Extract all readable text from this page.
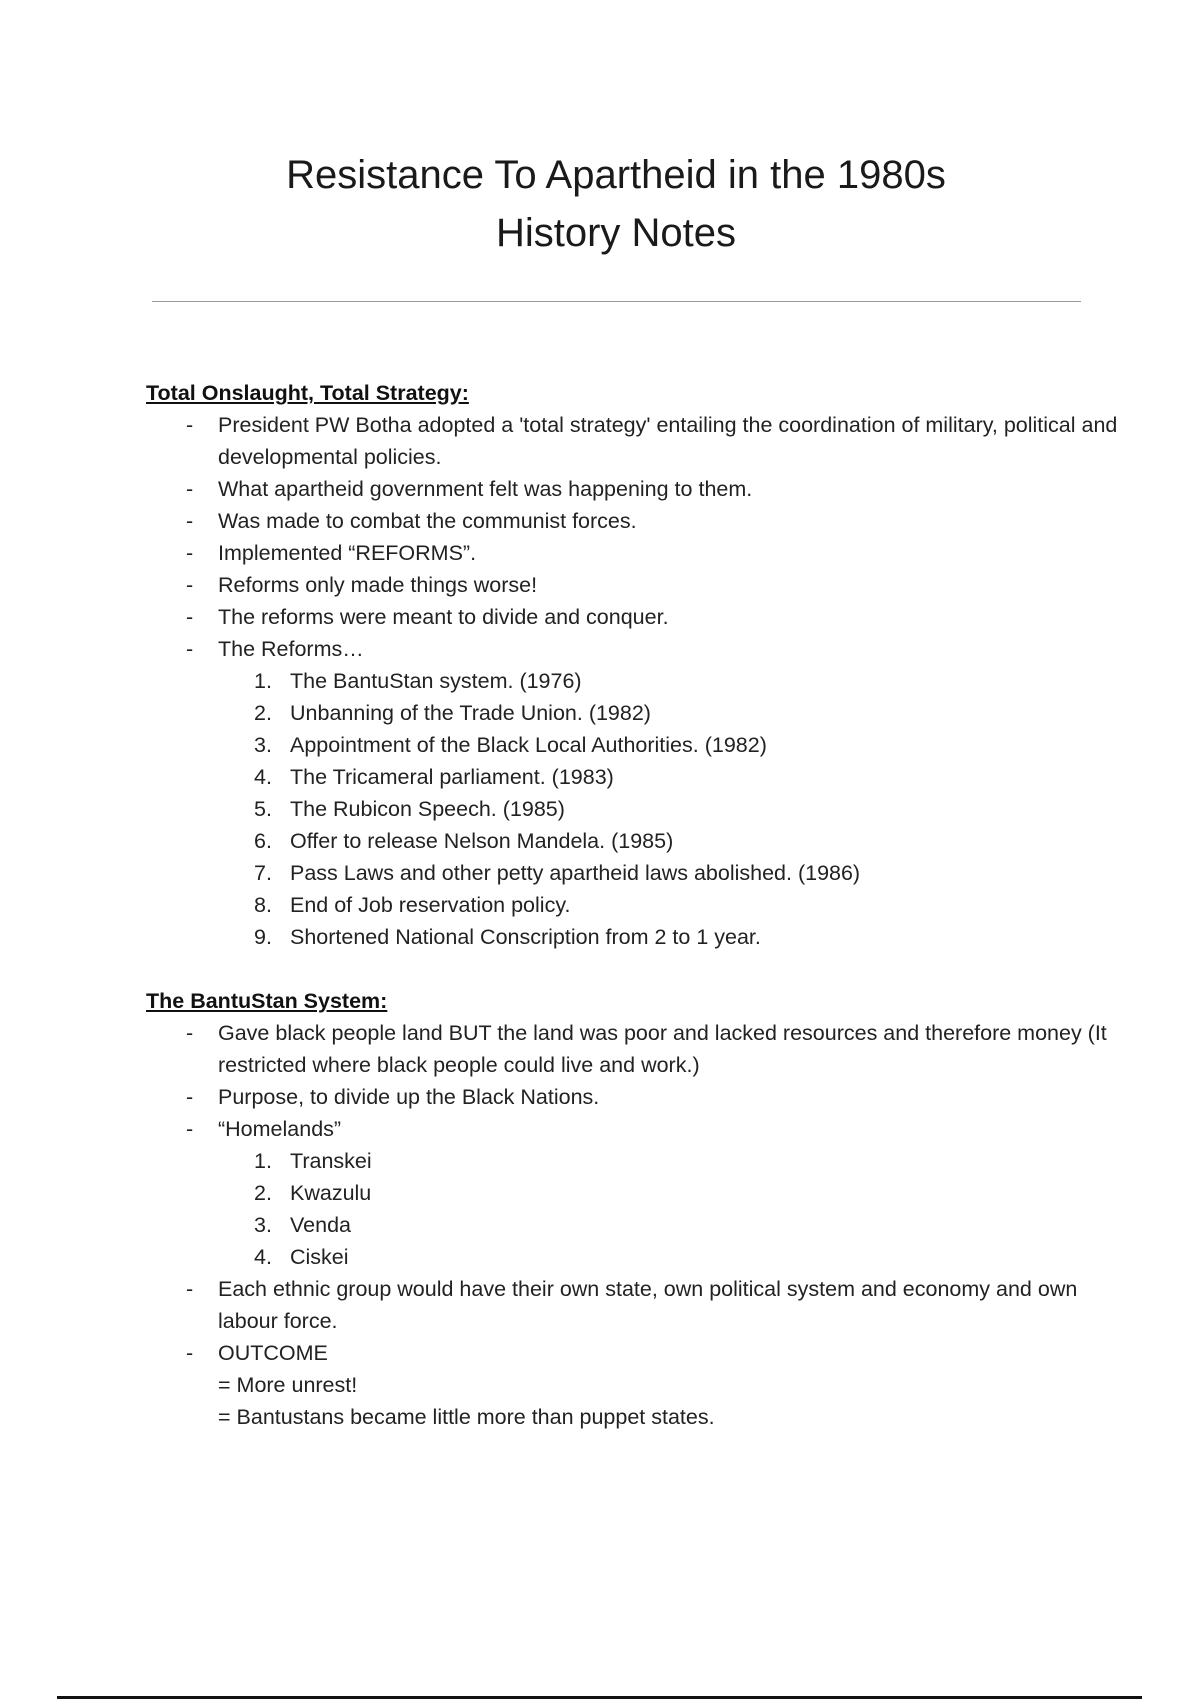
Resistance To Apartheid in the 1980s
History Notes
Total Onslaught, Total Strategy:
- President PW Botha adopted a 'total strategy' entailing the coordination of military, political and developmental policies.
- What apartheid government felt was happening to them.
- Was made to combat the communist forces.
- Implemented “REFORMS”.
- Reforms only made things worse!
- The reforms were meant to divide and conquer.
- The Reforms…
1. The BantuStan system. (1976)
2. Unbanning of the Trade Union. (1982)
3. Appointment of the Black Local Authorities. (1982)
4. The Tricameral parliament. (1983)
5. The Rubicon Speech. (1985)
6. Offer to release Nelson Mandela. (1985)
7. Pass Laws and other petty apartheid laws abolished. (1986)
8. End of Job reservation policy.
9. Shortened National Conscription from 2 to 1 year.
The BantuStan System:
- Gave black people land BUT the land was poor and lacked resources and therefore money (It restricted where black people could live and work.)
- Purpose, to divide up the Black Nations.
- “Homelands”
1. Transkei
2. Kwazulu
3. Venda
4. Ciskei
- Each ethnic group would have their own state, own political system and economy and own labour force.
- OUTCOME
= More unrest!
= Bantustans became little more than puppet states.
